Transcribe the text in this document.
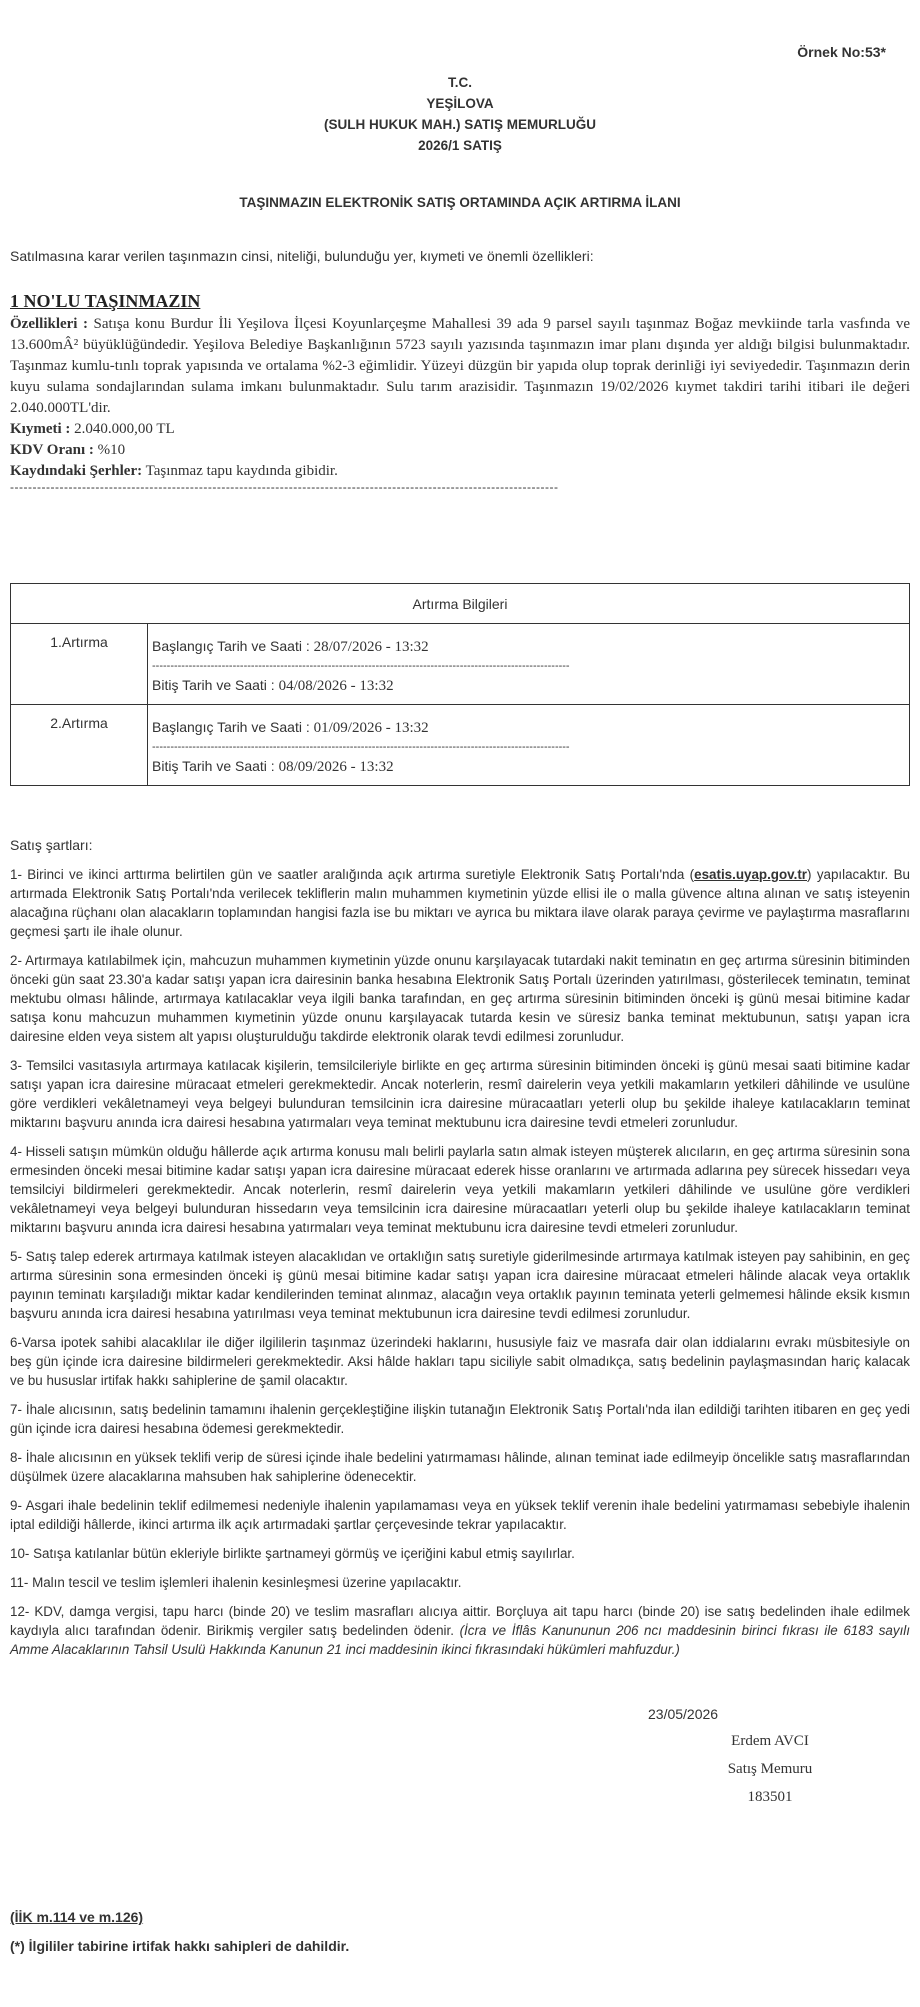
Örnek No:53*
T.C.
YEŞİLOVA
(SULH HUKUK MAH.) SATIŞ MEMURLUĞU
2026/1 SATIŞ
TAŞINMAZIN ELEKTRONİK SATIŞ ORTAMINDA AÇIK ARTIRMA İLANI
Satılmasına karar verilen taşınmazın cinsi, niteliği, bulunduğu yer, kıymeti ve önemli özellikleri:
1 NO'LU TAŞINMAZIN
Özellikleri : Satışa konu Burdur İli Yeşilova İlçesi Koyunlarçeşme Mahallesi 39 ada 9 parsel sayılı taşınmaz Boğaz mevkiinde tarla vasfında ve 13.600mÂ² büyüklüğündedir. Yeşilova Belediye Başkanlığının 5723 sayılı yazısında taşınmazın imar planı dışında yer aldığı bilgisi bulunmaktadır. Taşınmaz kumlu-tınlı toprak yapısında ve ortalama %2-3 eğimlidir. Yüzeyi düzgün bir yapıda olup toprak derinliği iyi seviyededir. Taşınmazın derin kuyu sulama sondajlarından sulama imkanı bulunmaktadır. Sulu tarım arazisidir. Taşınmazın 19/02/2026 kıymet takdiri tarihi itibari ile değeri 2.040.000TL'dir.
Kıymeti : 2.040.000,00 TL
KDV Oranı : %10
Kaydındaki Şerhler: Taşınmaz tapu kaydında gibidir.
--------------------------------------------------------------------------------------------------------------------------
Artırma Bilgileri	
1.Artırma	Başlangıç Tarih ve Saati : 28/07/2026 - 13:32
------------------------------------------------------------------------------------------------------------------
Bitiş Tarih ve Saati : 04/08/2026 - 13:32

2.Artırma	Başlangıç Tarih ve Saati : 01/09/2026 - 13:32
------------------------------------------------------------------------------------------------------------------
Bitiş Tarih ve Saati : 08/09/2026 - 13:32
Satış şartları:

1- Birinci ve ikinci arttırma belirtilen gün ve saatler aralığında açık artırma suretiyle Elektronik Satış Portalı'nda (esatis.uyap.gov.tr) yapılacaktır. Bu artırmada Elektronik Satış Portalı'nda verilecek tekliflerin malın muhammen kıymetinin yüzde ellisi ile o malla güvence altına alınan ve satış isteyenin alacağına rüçhanı olan alacakların toplamından hangisi fazla ise bu miktarı ve ayrıca bu miktara ilave olarak paraya çevirme ve paylaştırma masraflarını geçmesi şartı ile ihale olunur.

2- Artırmaya katılabilmek için, mahcuzun muhammen kıymetinin yüzde onunu karşılayacak tutardaki nakit teminatın en geç artırma süresinin bitiminden önceki gün saat 23.30'a kadar satışı yapan icra dairesinin banka hesabına Elektronik Satış Portalı üzerinden yatırılması, gösterilecek teminatın, teminat mektubu olması hâlinde, artırmaya katılacaklar veya ilgili banka tarafından, en geç artırma süresinin bitiminden önceki iş günü mesai bitimine kadar satışa konu mahcuzun muhammen kıymetinin yüzde onunu karşılayacak tutarda kesin ve süresiz banka teminat mektubunun, satışı yapan icra dairesine elden veya sistem alt yapısı oluşturulduğu takdirde elektronik olarak tevdi edilmesi zorunludur.

3- Temsilci vasıtasıyla artırmaya katılacak kişilerin, temsilcileriyle birlikte en geç artırma süresinin bitiminden önceki iş günü mesai saati bitimine kadar satışı yapan icra dairesine müracaat etmeleri gerekmektedir. Ancak noterlerin, resmî dairelerin veya yetkili makamların yetkileri dâhilinde ve usulüne göre verdikleri vekâletnameyi veya belgeyi bulunduran temsilcinin icra dairesine müracaatları yeterli olup bu şekilde ihaleye katılacakların teminat miktarını başvuru anında icra dairesi hesabına yatırmaları veya teminat mektubunu icra dairesine tevdi etmeleri zorunludur.

4- Hisseli satışın mümkün olduğu hâllerde açık artırma konusu malı belirli paylarla satın almak isteyen müşterek alıcıların, en geç artırma süresinin sona ermesinden önceki mesai bitimine kadar satışı yapan icra dairesine müracaat ederek hisse oranlarını ve artırmada adlarına pey sürecek hissedarı veya temsilciyi bildirmeleri gerekmektedir. Ancak noterlerin, resmî dairelerin veya yetkili makamların yetkileri dâhilinde ve usulüne göre verdikleri vekâletnameyi veya belgeyi bulunduran hissedarın veya temsilcinin icra dairesine müracaatları yeterli olup bu şekilde ihaleye katılacakların teminat miktarını başvuru anında icra dairesi hesabına yatırmaları veya teminat mektubunu icra dairesine tevdi etmeleri zorunludur.

5- Satış talep ederek artırmaya katılmak isteyen alacaklıdan ve ortaklığın satış suretiyle giderilmesinde artırmaya katılmak isteyen pay sahibinin, en geç artırma süresinin sona ermesinden önceki iş günü mesai bitimine kadar satışı yapan icra dairesine müracaat etmeleri hâlinde alacak veya ortaklık payının teminatı karşıladığı miktar kadar kendilerinden teminat alınmaz, alacağın veya ortaklık payının teminata yeterli gelmemesi hâlinde eksik kısmın başvuru anında icra dairesi hesabına yatırılması veya teminat mektubunun icra dairesine tevdi edilmesi zorunludur.

6-Varsa ipotek sahibi alacaklılar ile diğer ilgililerin taşınmaz üzerindeki haklarını, hususiyle faiz ve masrafa dair olan iddialarını evrakı müsbitesiyle on beş gün içinde icra dairesine bildirmeleri gerekmektedir. Aksi hâlde hakları tapu siciliyle sabit olmadıkça, satış bedelinin paylaşmasından hariç kalacak ve bu hususlar irtifak hakkı sahiplerine de şamil olacaktır.

7- İhale alıcısının, satış bedelinin tamamını ihalenin gerçekleştiğine ilişkin tutanağın Elektronik Satış Portalı'nda ilan edildiği tarihten itibaren en geç yedi gün içinde icra dairesi hesabına ödemesi gerekmektedir.

8- İhale alıcısının en yüksek teklifi verip de süresi içinde ihale bedelini yatırmaması hâlinde, alınan teminat iade edilmeyip öncelikle satış masraflarından düşülmek üzere alacaklarına mahsuben hak sahiplerine ödenecektir.

9- Asgari ihale bedelinin teklif edilmemesi nedeniyle ihalenin yapılamaması veya en yüksek teklif verenin ihale bedelini yatırmaması sebebiyle ihalenin iptal edildiği hâllerde, ikinci artırma ilk açık artırmadaki şartlar çerçevesinde tekrar yapılacaktır.

10- Satışa katılanlar bütün ekleriyle birlikte şartnameyi görmüş ve içeriğini kabul etmiş sayılırlar.

11- Malın tescil ve teslim işlemleri ihalenin kesinleşmesi üzerine yapılacaktır.

12- KDV, damga vergisi, tapu harcı (binde 20) ve teslim masrafları alıcıya aittir. Borçluya ait tapu harcı (binde 20) ise satış bedelinden ihale edilmek kaydıyla alıcı tarafından ödenir. Birikmiş vergiler satış bedelinden ödenir. (İcra ve İflâs Kanununun 206 ncı maddesinin birinci fıkrası ile 6183 sayılı Amme Alacaklarının Tahsil Usulü Hakkında Kanunun 21 inci maddesinin ikinci fıkrasındaki hükümleri mahfuzdur.)

23/05/2026
Erdem AVCI
Satış Memuru
183501
(İİK m.114 ve m.126)
(*) İlgililer tabirine irtifak hakkı sahipleri de dahildir.
